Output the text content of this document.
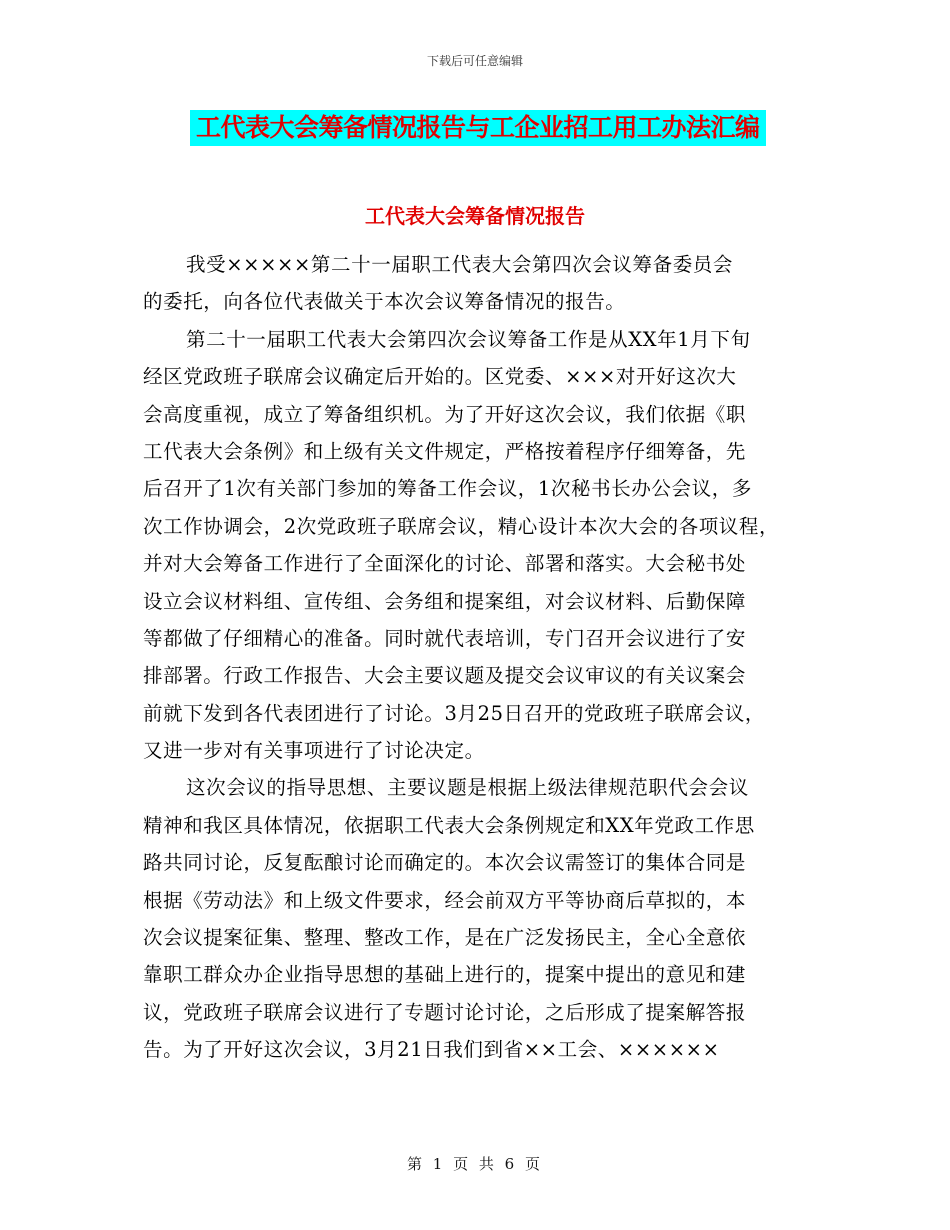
下载后可任意编辑
工代表大会筹备情况报告与工企业招工用工办法汇编
工代表大会筹备情况报告
我受×××××第二十一届职工代表大会第四次会议筹备委员会
的委托，向各位代表做关于本次会议筹备情况的报告。
第二十一届职工代表大会第四次会议筹备工作是从XX年1月下旬
经区党政班子联席会议确定后开始的。区党委、×××对开好这次大
会高度重视，成立了筹备组织机。为了开好这次会议，我们依据《职
工代表大会条例》和上级有关文件规定，严格按着程序仔细筹备，先
后召开了1次有关部门参加的筹备工作会议，1次秘书长办公会议，多
次工作协调会，2次党政班子联席会议，精心设计本次大会的各项议程，
并对大会筹备工作进行了全面深化的讨论、部署和落实。大会秘书处
设立会议材料组、宣传组、会务组和提案组，对会议材料、后勤保障
等都做了仔细精心的准备。同时就代表培训，专门召开会议进行了安
排部署。行政工作报告、大会主要议题及提交会议审议的有关议案会
前就下发到各代表团进行了讨论。3月25日召开的党政班子联席会议，
又进一步对有关事项进行了讨论决定。
这次会议的指导思想、主要议题是根据上级法律规范职代会会议
精神和我区具体情况，依据职工代表大会条例规定和XX年党政工作思
路共同讨论，反复酝酿讨论而确定的。本次会议需签订的集体合同是
根据《劳动法》和上级文件要求，经会前双方平等协商后草拟的，本
次会议提案征集、整理、整改工作，是在广泛发扬民主，全心全意依
靠职工群众办企业指导思想的基础上进行的，提案中提出的意见和建
议，党政班子联席会议进行了专题讨论讨论，之后形成了提案解答报
告。为了开好这次会议，3月21日我们到省××工会、××××××
第 1 页 共 6 页
